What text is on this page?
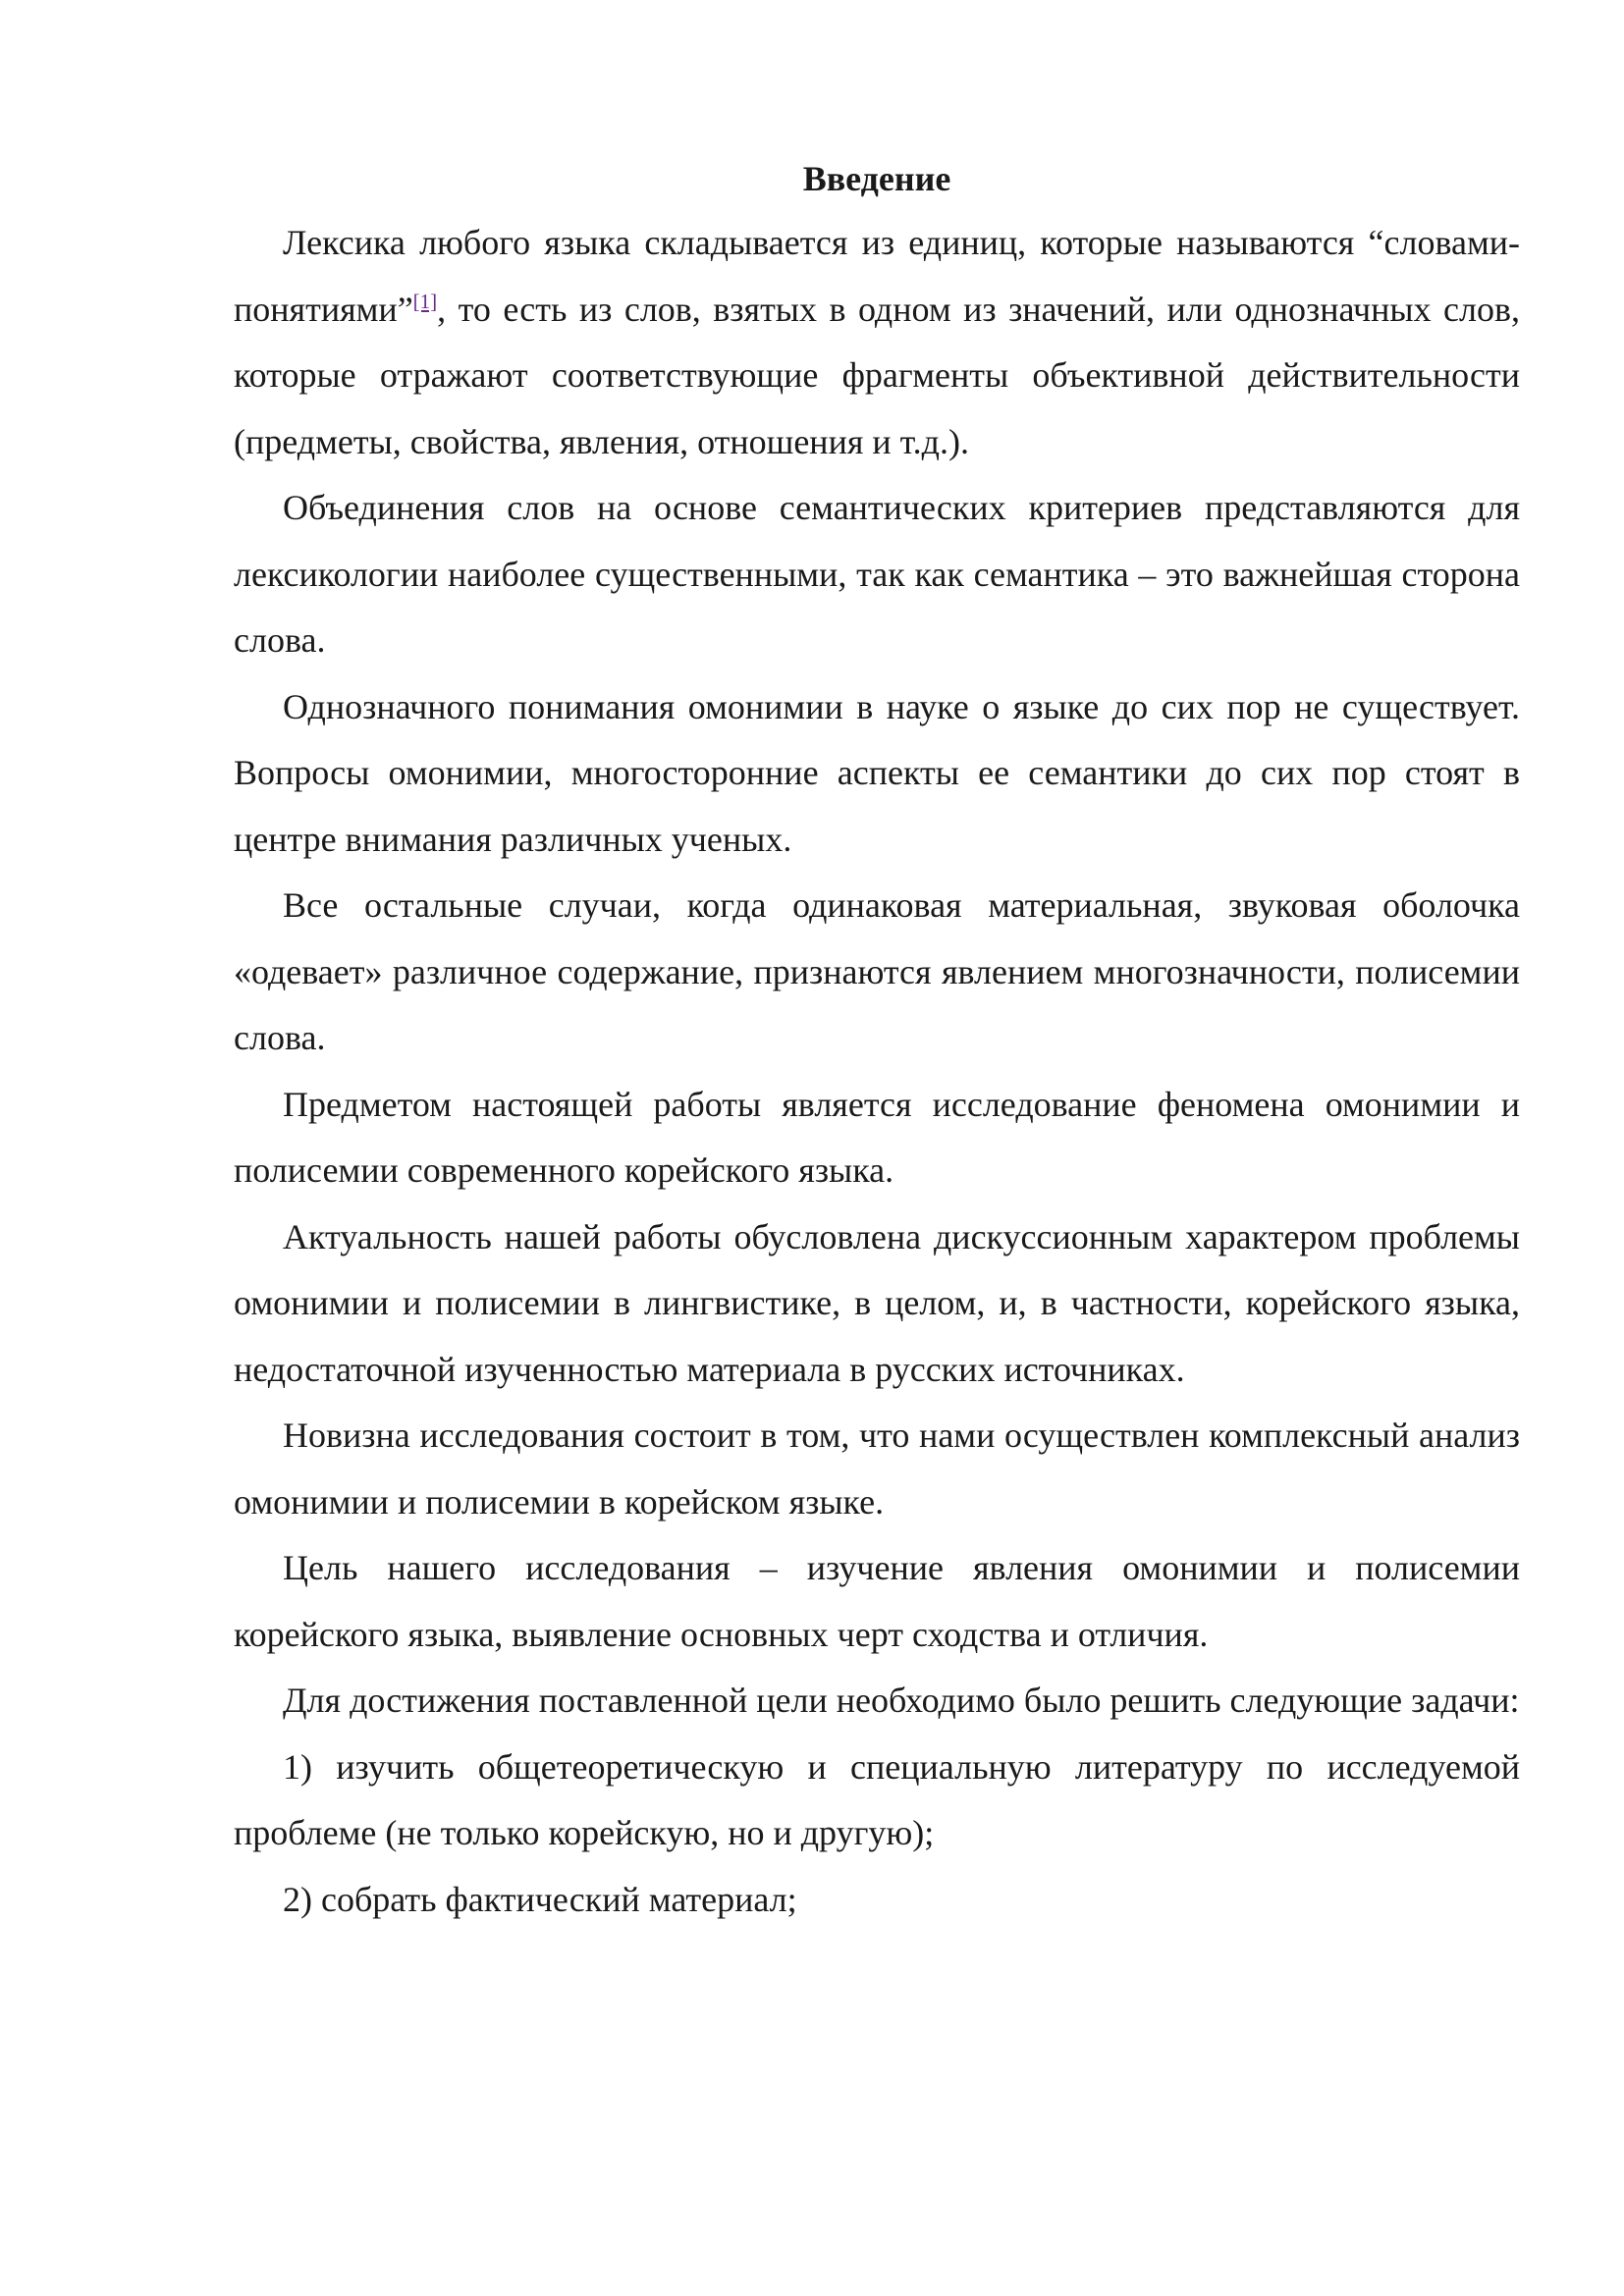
Введение

Лексика любого языка складывается из единиц, которые называются “словами-понятиями”[1], то есть из слов, взятых в одном из значений, или однозначных слов, которые отражают соответствующие фрагменты объективной действительности (предметы, свойства, явления, отношения и т.д.).

Объединения слов на основе семантических критериев представляются для лексикологии наиболее существенными, так как семантика – это важнейшая сторона слова.

Однозначного понимания омонимии в науке о языке до сих пор не существует. Вопросы омонимии, многосторонние аспекты ее семантики до сих пор стоят в центре внимания различных ученых.

Все остальные случаи, когда одинаковая материальная, звуковая оболочка «одевает» различное содержание, признаются явлением многозначности, полисемии слова.

Предметом настоящей работы является исследование феномена омонимии и полисемии современного корейского языка.

Актуальность нашей работы обусловлена дискуссионным характером проблемы омонимии и полисемии в лингвистике, в целом, и, в частности, корейского языка, недостаточной изученностью материала в русских источниках.

Новизна исследования состоит в том, что нами осуществлен комплексный анализ омонимии и полисемии в корейском языке.

Цель нашего исследования – изучение явления омонимии и полисемии корейского языка, выявление основных черт сходства и отличия.

Для достижения поставленной цели необходимо было решить следующие задачи:

1) изучить общетеоретическую и специальную литературу по исследуемой проблеме (не только корейскую, но и другую);

2) собрать фактический материал;
